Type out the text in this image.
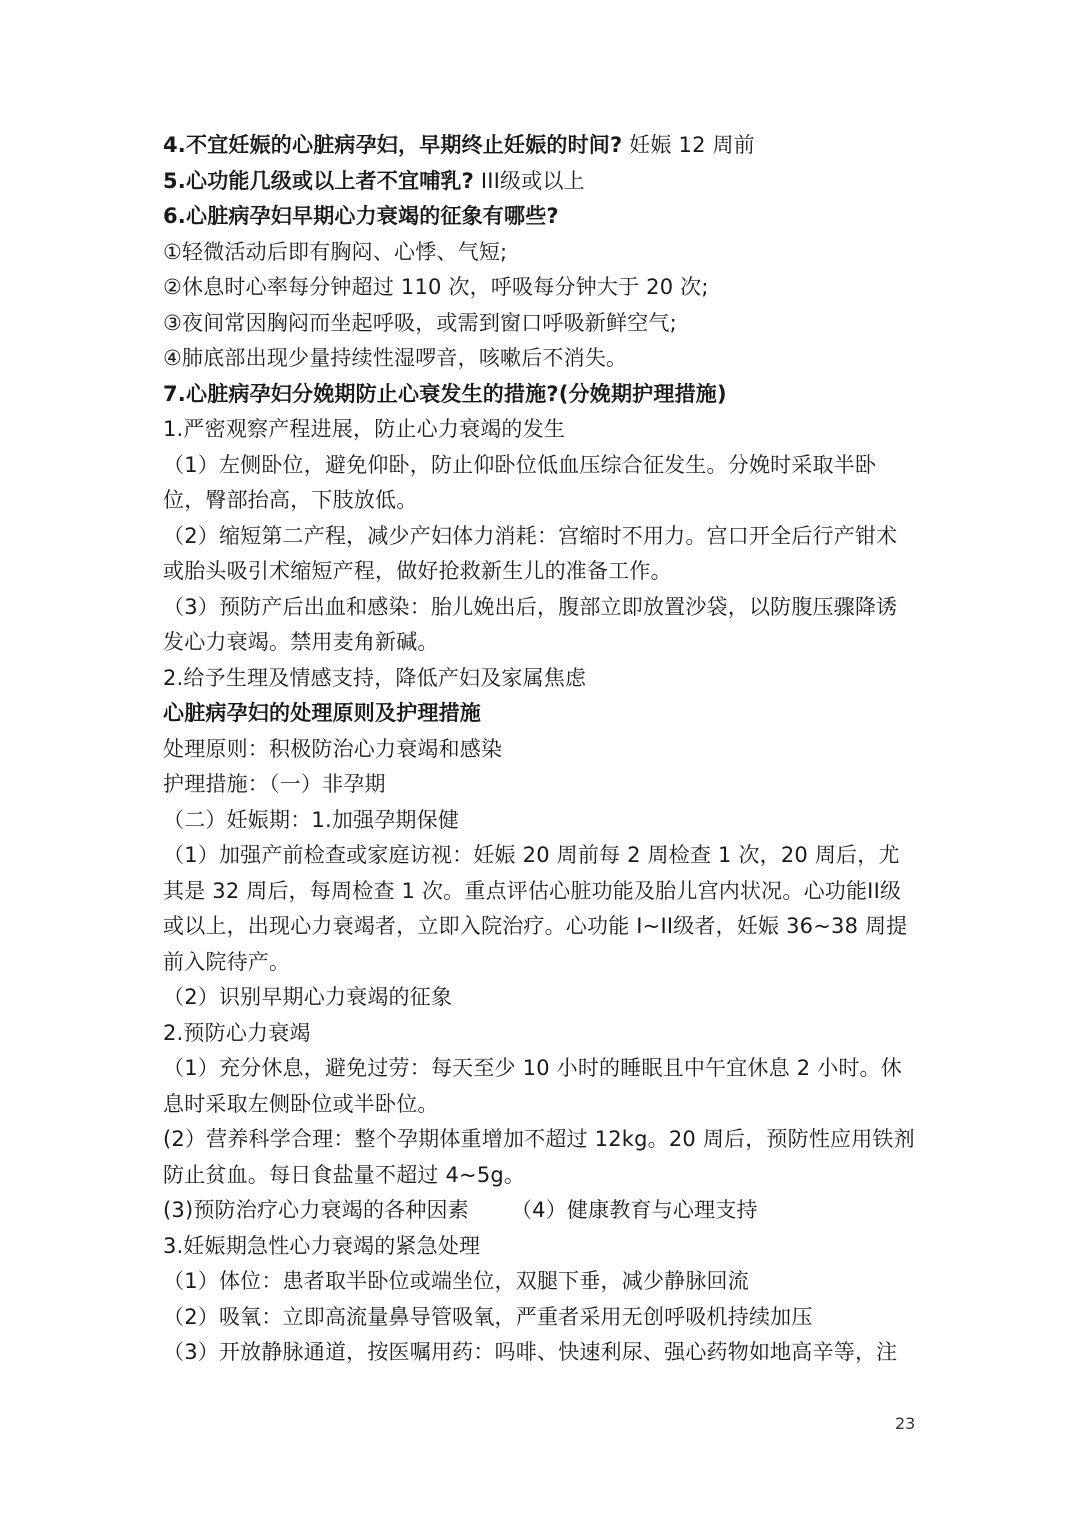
4.不宜妊娠的心脏病孕妇，早期终止妊娠的时间? 妊娠 12 周前
5.心功能几级或以上者不宜哺乳? III级或以上
6.心脏病孕妇早期心力衰竭的征象有哪些?
①轻微活动后即有胸闷、心悸、气短;
②休息时心率每分钟超过 110 次，呼吸每分钟大于 20 次;
③夜间常因胸闷而坐起呼吸，或需到窗口呼吸新鲜空气;
④肺底部出现少量持续性湿啰音，咳嗽后不消失。
7.心脏病孕妇分娩期防止心衰发生的措施?(分娩期护理措施)
1.严密观察产程进展，防止心力衰竭的发生
（1）左侧卧位，避免仰卧，防止仰卧位低血压综合征发生。分娩时采取半卧位，臀部抬高，下肢放低。
（2）缩短第二产程，减少产妇体力消耗：宫缩时不用力。宫口开全后行产钳术或胎头吸引术缩短产程，做好抢救新生儿的准备工作。
（3）预防产后出血和感染：胎儿娩出后，腹部立即放置沙袋，以防腹压骤降诱发心力衰竭。禁用麦角新碱。
2.给予生理及情感支持，降低产妇及家属焦虑
心脏病孕妇的处理原则及护理措施
处理原则：积极防治心力衰竭和感染
护理措施：（一）非孕期
（二）妊娠期：1.加强孕期保健
（1）加强产前检查或家庭访视：妊娠 20 周前每 2 周检查 1 次，20 周后，尤其是 32 周后，每周检查 1 次。重点评估心脏功能及胎儿宫内状况。心功能II级或以上，出现心力衰竭者，立即入院治疗。心功能 I~II级者，妊娠 36~38 周提前入院待产。
（2）识别早期心力衰竭的征象
2.预防心力衰竭
（1）充分休息，避免过劳：每天至少 10 小时的睡眠且中午宜休息 2 小时。休息时采取左侧卧位或半卧位。
(2）营养科学合理：整个孕期体重增加不超过 12kg。20 周后，预防性应用铁剂防止贫血。每日食盐量不超过 4~5g。
(3)预防治疗心力衰竭的各种因素 （4）健康教育与心理支持
3.妊娠期急性心力衰竭的紧急处理
（1）体位：患者取半卧位或端坐位，双腿下垂，减少静脉回流
（2）吸氧：立即高流量鼻导管吸氧，严重者采用无创呼吸机持续加压
（3）开放静脉通道，按医嘱用药：吗啡、快速利尿、强心药物如地高辛等，注
23
